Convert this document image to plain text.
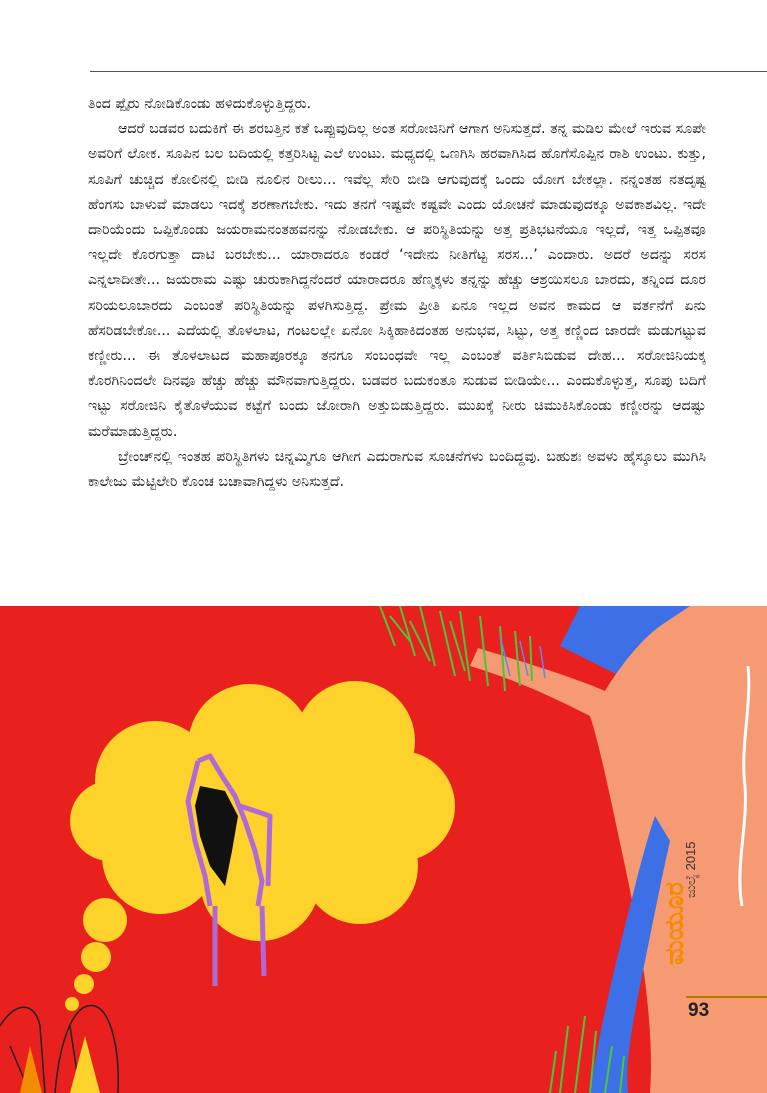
ತಿಂದ ಪ್ಪೈರು ನೋಡಿಕೊಂಡು ಹಳಿದುಕೊಳ್ಳುತ್ತಿದ್ದರು.

ಆದರೆ ಬಡವರ ಬದುಕಿಗೆ ಈ ಶರಬತ್ತಿನ ಕತೆ ಒಪ್ಪುವುದಿಲ್ಲ ಅಂತ ಸರೋಜಿನಿಗೆ ಆಗಾಗ ಅನಿಸುತ್ತದೆ. ತನ್ನ ಮಡಿಲ ಮೇಲೆ ಇರುವ ಸೂಪೇ ಅವರಿಗೆ ಲೋಕ. ಸೂಪಿನ ಬಲ ಬದಿಯಲ್ಲಿ ಕತ್ತರಿಸಿಟ್ಟ ಎಲೆ ಉಂಟು. ಮಧ್ಯದಲ್ಲಿ ಒಣಗಿಸಿ ಹರವಾಗಿಸಿದ ಹೊಗೆಸೊಪ್ಪಿನ ರಾಶಿ ಉಂಟು. ಕುತ್ತು, ಸೂಪಿಗೆ ಚುಚ್ಚಿದ ಕೋಲಿನಲ್ಲಿ ಬೀಡಿ ನೂಲಿನ ರೀಲು... ಇವೆಲ್ಲ ಸೇರಿ ಬೀಡಿ ಆಗುವುದಕ್ಕೆ ಒಂದು ಯೋಗ ಬೇಕಲ್ಲಾ. ನನ್ನಂತಹ ನತದೃಷ್ಟ ಹೆಂಗಸು ಬಾಳುವೆ ಮಾಡಲು ಇದಕ್ಕೆ ಶರಣಾಗಬೇಕು. ಇದು ತನಗೆ ಇಷ್ಟವೇ ಕಷ್ಟವೇ ಎಂದು ಯೋಚನೆ ಮಾಡುವುದಕ್ಕೂ ಅವಕಾಶವಿಲ್ಲ. ಇದೇ ದಾರಿಯೆಂದು ಒಪ್ಪಿಕೊಂಡು ಜಯರಾಮನಂತಹವನನ್ನು ನೋಡಬೇಕು. ಆ ಪರಿಸ್ಥಿತಿಯನ್ನು ಅತ್ತ ಪ್ರತಿಭಟನೆಯೂ ಇಲ್ಲದೆ, ಇತ್ತ ಒಪ್ಪಿತವೂ ಇಲ್ಲದೇ ಕೊರಗುತ್ತಾ ದಾಟಿ ಬರಬೇಕು... ಯಾರಾದರೂ ಕಂಡರೆ ‘ಇದೇನು ನೀತಿಗೆಟ್ಟ ಸರಸ...’ ಎಂದಾರು. ಅದರೆ ಅದನ್ನು ಸರಸ ಎನ್ನಲಾದೀತೇ... ಜಯರಾಮ ಎಷ್ಟು ಚುರುಕಾಗಿದ್ದನೆಂದರೆ ಯಾರಾದರೂ ಹೆಣ್ಮಕ್ಕಳು ತನ್ನನ್ನು ಹೆಚ್ಚು ಆಶ್ರಯಿಸಲೂ ಬಾರದು, ತನ್ನಿಂದ ದೂರ ಸರಿಯಲೂಬಾರದು ಎಂಬಂತೆ ಪರಿಸ್ಥಿತಿಯನ್ನು ಪಳಗಿಸುತ್ತಿದ್ದ. ಪ್ರೇಮ ಪ್ರೀತಿ ಏನೂ ಇಲ್ಲದ ಅವನ ಕಾಮದ ಆ ವರ್ತನೆಗೆ ಏನು ಹೆಸರಿಡಬೇಕೋ... ಎದೆಯಲ್ಲಿ ತೊಳಲಾಟ, ಗಂಟಲಲ್ಲೇ ಏನೋ ಸಿಕ್ಕಿಹಾಕಿದಂತಹ ಅನುಭವ, ಸಿಟ್ಟು, ಅತ್ತ ಕಣ್ಣಿಂದ ಜಾರದೇ ಮಡುಗಟ್ಟುವ ಕಣ್ಣೀರು... ಈ ತೊಳಲಾಟದ ಮಹಾಪೂರಕ್ಕೂ ತನಗೂ ಸಂಬಂಧವೇ ಇಲ್ಲ ಎಂಬಂತೆ ವರ್ತಿಸಿಬಿಡುವ ದೇಹ... ಸರೋಜಿನಿಯಕ್ಕ ಕೊರಗಿನಿಂದಲೇ ದಿನವೂ ಹೆಚ್ಚು ಹೆಚ್ಚು ಮೌನವಾಗುತ್ತಿದ್ದರು. ಬಡವರ ಬದುಕಂತೂ ಸುಡುವ ಬೀಡಿಯೇ... ಎಂದುಕೊಳ್ಳುತ್ತ, ಸೂಪು ಬದಿಗೆ ಇಟ್ಟು ಸರೋಜಿನಿ ಕೈತೊಳೆಯುವ ಕಟ್ಟೆಗೆ ಬಂದು ಜೋರಾಗಿ ಅತ್ತುಬಿಡುತ್ತಿದ್ದರು. ಮುಖಕ್ಕೆ ನೀರು ಚಿಮುಕಿಸಿಕೊಂಡು ಕಣ್ಣೀರನ್ನು ಆದಷ್ಟು ಮರೆಮಾಡುತ್ತಿದ್ದರು.

ಬ್ರೇಂಚ್‌ನಲ್ಲಿ ಇಂತಹ ಪರಿಸ್ಥಿತಿಗಳು ಚಿನ್ನಮ್ಮಿಗೂ ಆಗೀಗ ಎದುರಾಗುವ ಸೂಚನೆಗಳು ಬಂದಿದ್ದವು. ಬಹುಶಃ ಅವಳು ಹೈಸ್ಕೂಲು ಮುಗಿಸಿ ಕಾಲೇಜು ಮೆಟ್ಟಿಲೇರಿ ಕೊಂಚ ಬಚಾವಾಗಿದ್ದಳು ಅನಿಸುತ್ತದೆ.

ಮಯೂರ
ಜುಲೈ 2015
93
